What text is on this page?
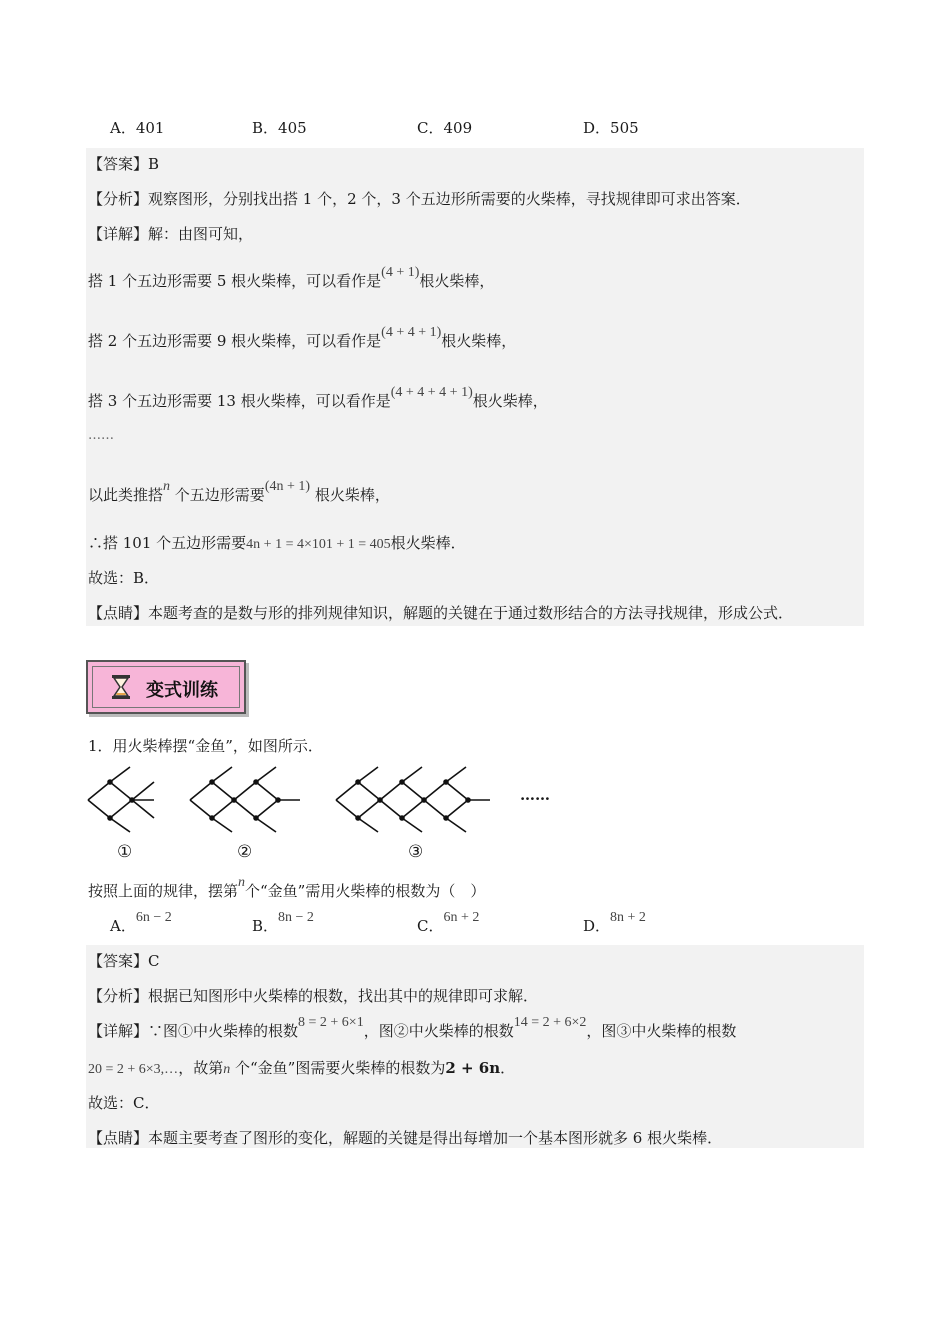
A．401	B．405	C．409	D．505
【答案】B
【分析】观察图形，分别找出搭 1 个，2 个，3 个五边形所需要的火柴棒，寻找规律即可求出答案．
【详解】解：由图可知，
搭 1 个五边形需要 5 根火柴棒，可以看作是(4 + 1)根火柴棒，
搭 2 个五边形需要 9 根火柴棒，可以看作是(4 + 4 + 1)根火柴棒，
搭 3 个五边形需要 13 根火柴棒，可以看作是(4 + 4 + 4 + 1)根火柴棒，
……
以此类推搭n 个五边形需要(4n + 1) 根火柴棒，
∴搭 101 个五边形需要4n + 1 = 4×101 + 1 = 405根火柴棒．
故选：B．
【点睛】本题考查的是数与形的排列规律知识，解题的关键在于通过数形结合的方法寻找规律，形成公式．
变式训练
1．用火柴棒摆“金鱼”，如图所示．
……
①	②	③
按照上面的规律，摆第n个“金鱼”需用火柴棒的根数为（　）
A．6n − 2	B．8n − 2	C．6n + 2	D．8n + 2
【答案】C
【分析】根据已知图形中火柴棒的根数，找出其中的规律即可求解．
【详解】∵图①中火柴棒的根数8 = 2 + 6×1，图②中火柴棒的根数14 = 2 + 6×2，图③中火柴棒的根数
20 = 2 + 6×3,…，故第n 个“金鱼”图需要火柴棒的根数为2 + 6n．
故选：C．
【点睛】本题主要考查了图形的变化，解题的关键是得出每增加一个基本图形就多 6 根火柴棒．
